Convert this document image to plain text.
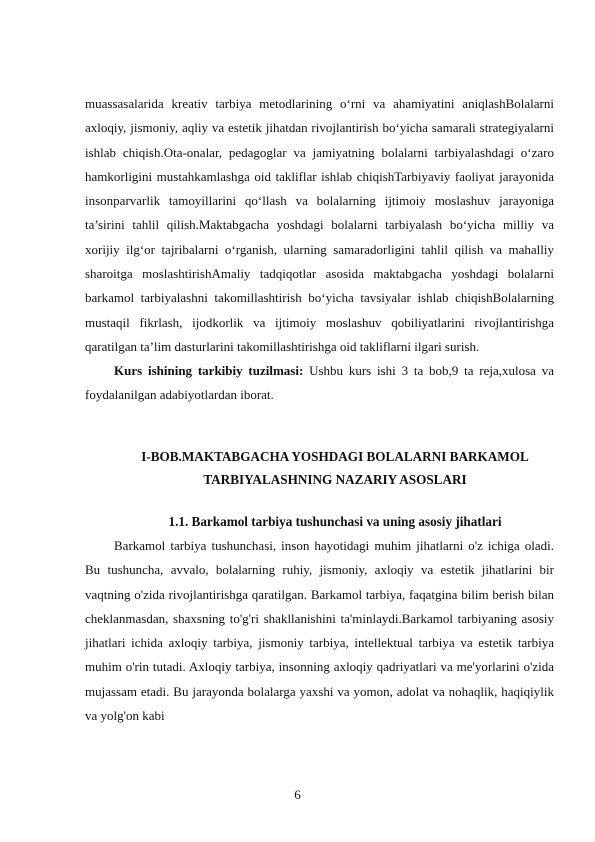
muassasalarida kreativ tarbiya metodlarining o‘rni va ahamiyatini aniqlashBolalarni axloqiy, jismoniy, aqliy va estetik jihatdan rivojlantirish bo‘yicha samarali strategiyalarni ishlab chiqish.Ota-onalar, pedagoglar va jamiyatning bolalarni tarbiyalashdagi o‘zaro hamkorligini mustahkamlashga oid takliflar ishlab chiqishTarbiyaviy faoliyat jarayonida insonparvarlik tamoyillarini qo‘llash va bolalarning ijtimoiy moslashuv jarayoniga ta’sirini tahlil qilish.Maktabgacha yoshdagi bolalarni tarbiyalash bo‘yicha milliy va xorijiy ilg‘or tajribalarni o‘rganish, ularning samaradorligini tahlil qilish va mahalliy sharoitga moslashtirishAmaliy tadqiqotlar asosida maktabgacha yoshdagi bolalarni barkamol tarbiyalashni takomillashtirish bo‘yicha tavsiyalar ishlab chiqishBolalarning mustaqil fikrlash, ijodkorlik va ijtimoiy moslashuv qobiliyatlarini rivojlantirishga qaratilgan ta’lim dasturlarini takomillashtirishga oid takliflarni ilgari surish.
Kurs ishining tarkibiy tuzilmasi: Ushbu kurs ishi 3 ta bob,9 ta reja,xulosa va foydalanilgan adabiyotlardan iborat.
I-BOB.MAKTABGACHA YOSHDAGI BOLALARNI BARKAMOL TARBIYALASHNING NAZARIY ASOSLARI
1.1. Barkamol tarbiya tushunchasi va uning asosiy jihatlari
Barkamol tarbiya tushunchasi, inson hayotidagi muhim jihatlarni o'z ichiga oladi. Bu tushuncha, avvalo, bolalarning ruhiy, jismoniy, axloqiy va estetik jihatlarini bir vaqtning o'zida rivojlantirishga qaratilgan. Barkamol tarbiya, faqatgina bilim berish bilan cheklanmasdan, shaxsning to'g'ri shakllanishini ta'minlaydi.Barkamol tarbiyaning asosiy jihatlari ichida axloqiy tarbiya, jismoniy tarbiya, intellektual tarbiya va estetik tarbiya muhim o'rin tutadi. Axloqiy tarbiya, insonning axloqiy qadriyatlari va me'yorlarini o'zida mujassam etadi. Bu jarayonda bolalarga yaxshi va yomon, adolat va nohaqlik, haqiqiylik va yolg'on kabi
6
